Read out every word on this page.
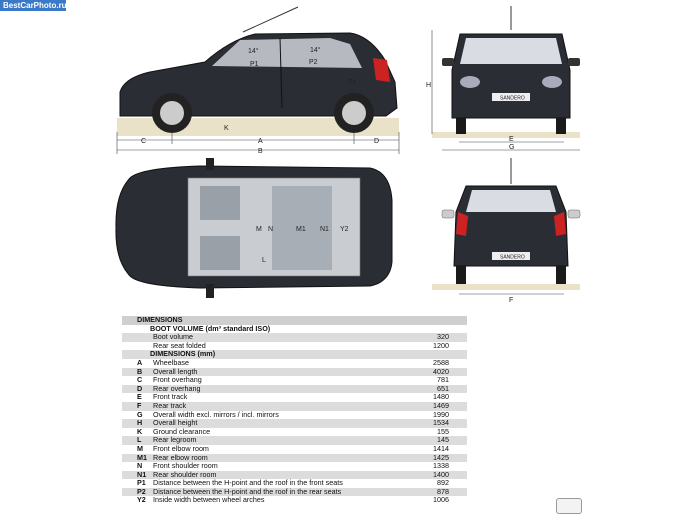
BestCarPhoto.ru
14°	14°
P1	P2
Z1
K
C	A	D
B
SANDERO
H
E
G
M N	M1 N1 Y2
L	SANDERO
F
DIMENSIONS
BOOT VOLUME (dm³ standard ISO)
Boot volume	320
Rear seat folded	1200
DIMENSIONS (mm)
A	Wheelbase	2588
B	Overall length	4020
C	Front overhang	781
D	Rear overhang	651
E	Front track	1480
F	Rear track	1469
G	Overall width excl. mirrors / incl. mirrors	1990
H	Overall height	1534
K	Ground clearance	155
L	Rear legroom	145
M	Front elbow room	1414
M1 Rear elbow room	1425
N	Front shoulder room	1338
N1 Rear shoulder room	1400
P1	Distance between the H-point and the roof in the front seats	892
P2	Distance between the H-point and the roof in the rear seats	878
Y2	Inside width between wheel arches	1006
